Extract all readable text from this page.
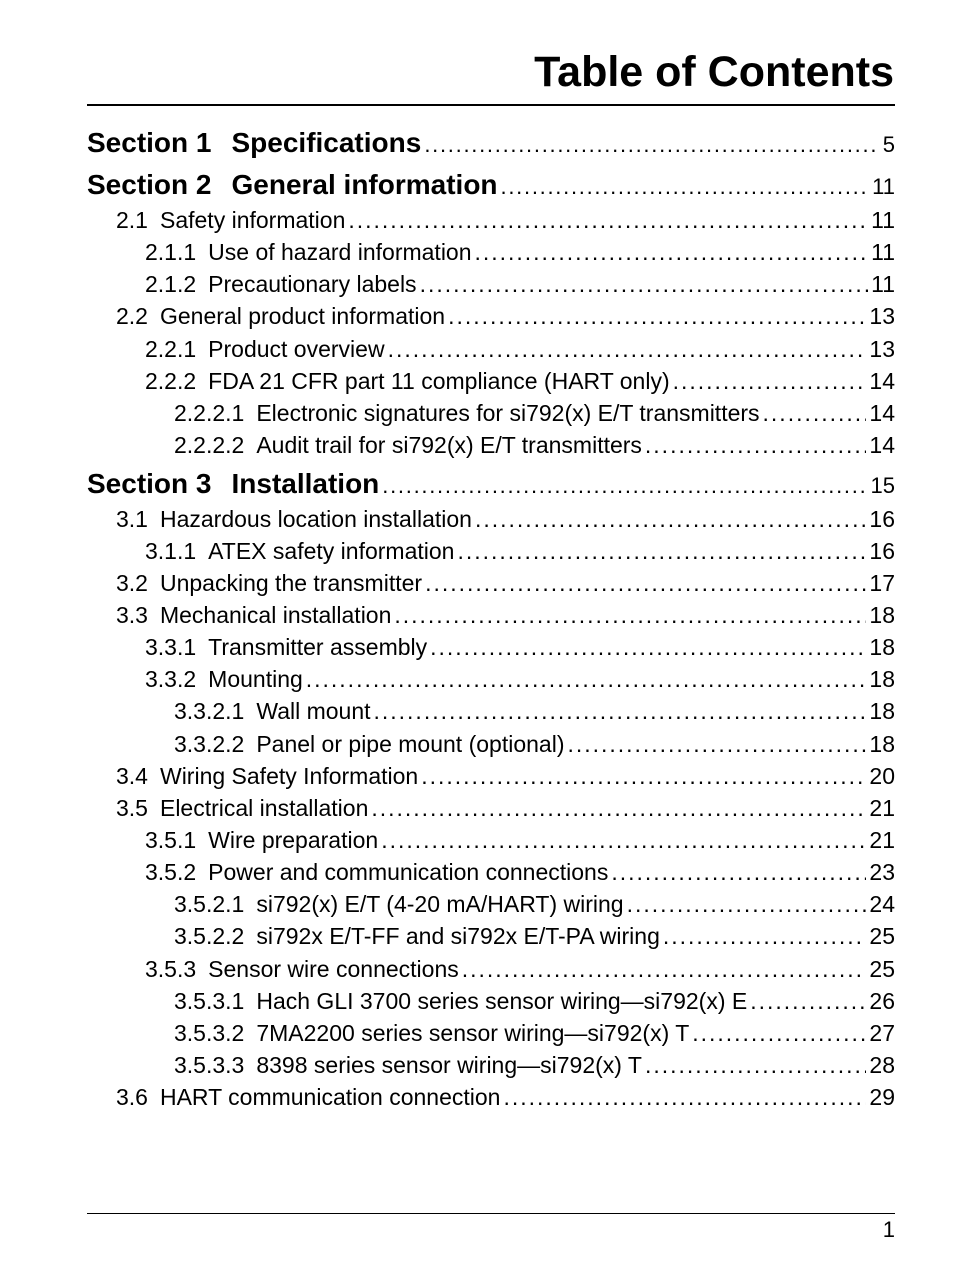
Table of Contents
Section 1 Specifications . . .	5
Section 2 General information . . .	11
2.1 Safety information . . .	11
2.1.1 Use of hazard information . . .	11
2.1.2 Precautionary labels . . .	11
2.2 General product information . . .	13
2.2.1 Product overview . . .	13
2.2.2 FDA 21 CFR part 11 compliance (HART only) . . .	14
2.2.2.1 Electronic signatures for si792(x) E/T transmitters . . .	14
2.2.2.2 Audit trail for si792(x) E/T transmitters . . .	14
Section 3 Installation . . .	15
3.1 Hazardous location installation . . .	16
3.1.1 ATEX safety information . . .	16
3.2 Unpacking the transmitter . . .	17
3.3 Mechanical installation . . .	18
3.3.1 Transmitter assembly . . .	18
3.3.2 Mounting . . .	18
3.3.2.1 Wall mount . . .	18
3.3.2.2 Panel or pipe mount (optional) . . .	18
3.4 Wiring Safety Information . . .	20
3.5 Electrical installation . . .	21
3.5.1 Wire preparation . . .	21
3.5.2 Power and communication connections . . .	23
3.5.2.1 si792(x) E/T (4-20 mA/HART) wiring . . .	24
3.5.2.2 si792x E/T-FF and si792x E/T-PA wiring . . .	25
3.5.3 Sensor wire connections . . .	25
3.5.3.1 Hach GLI 3700 series sensor wiring—si792(x) E . . .	26
3.5.3.2 7MA2200 series sensor wiring—si792(x) T . . .	27
3.5.3.3 8398 series sensor wiring—si792(x) T . . .	28
3.6 HART communication connection . . .	29
1
